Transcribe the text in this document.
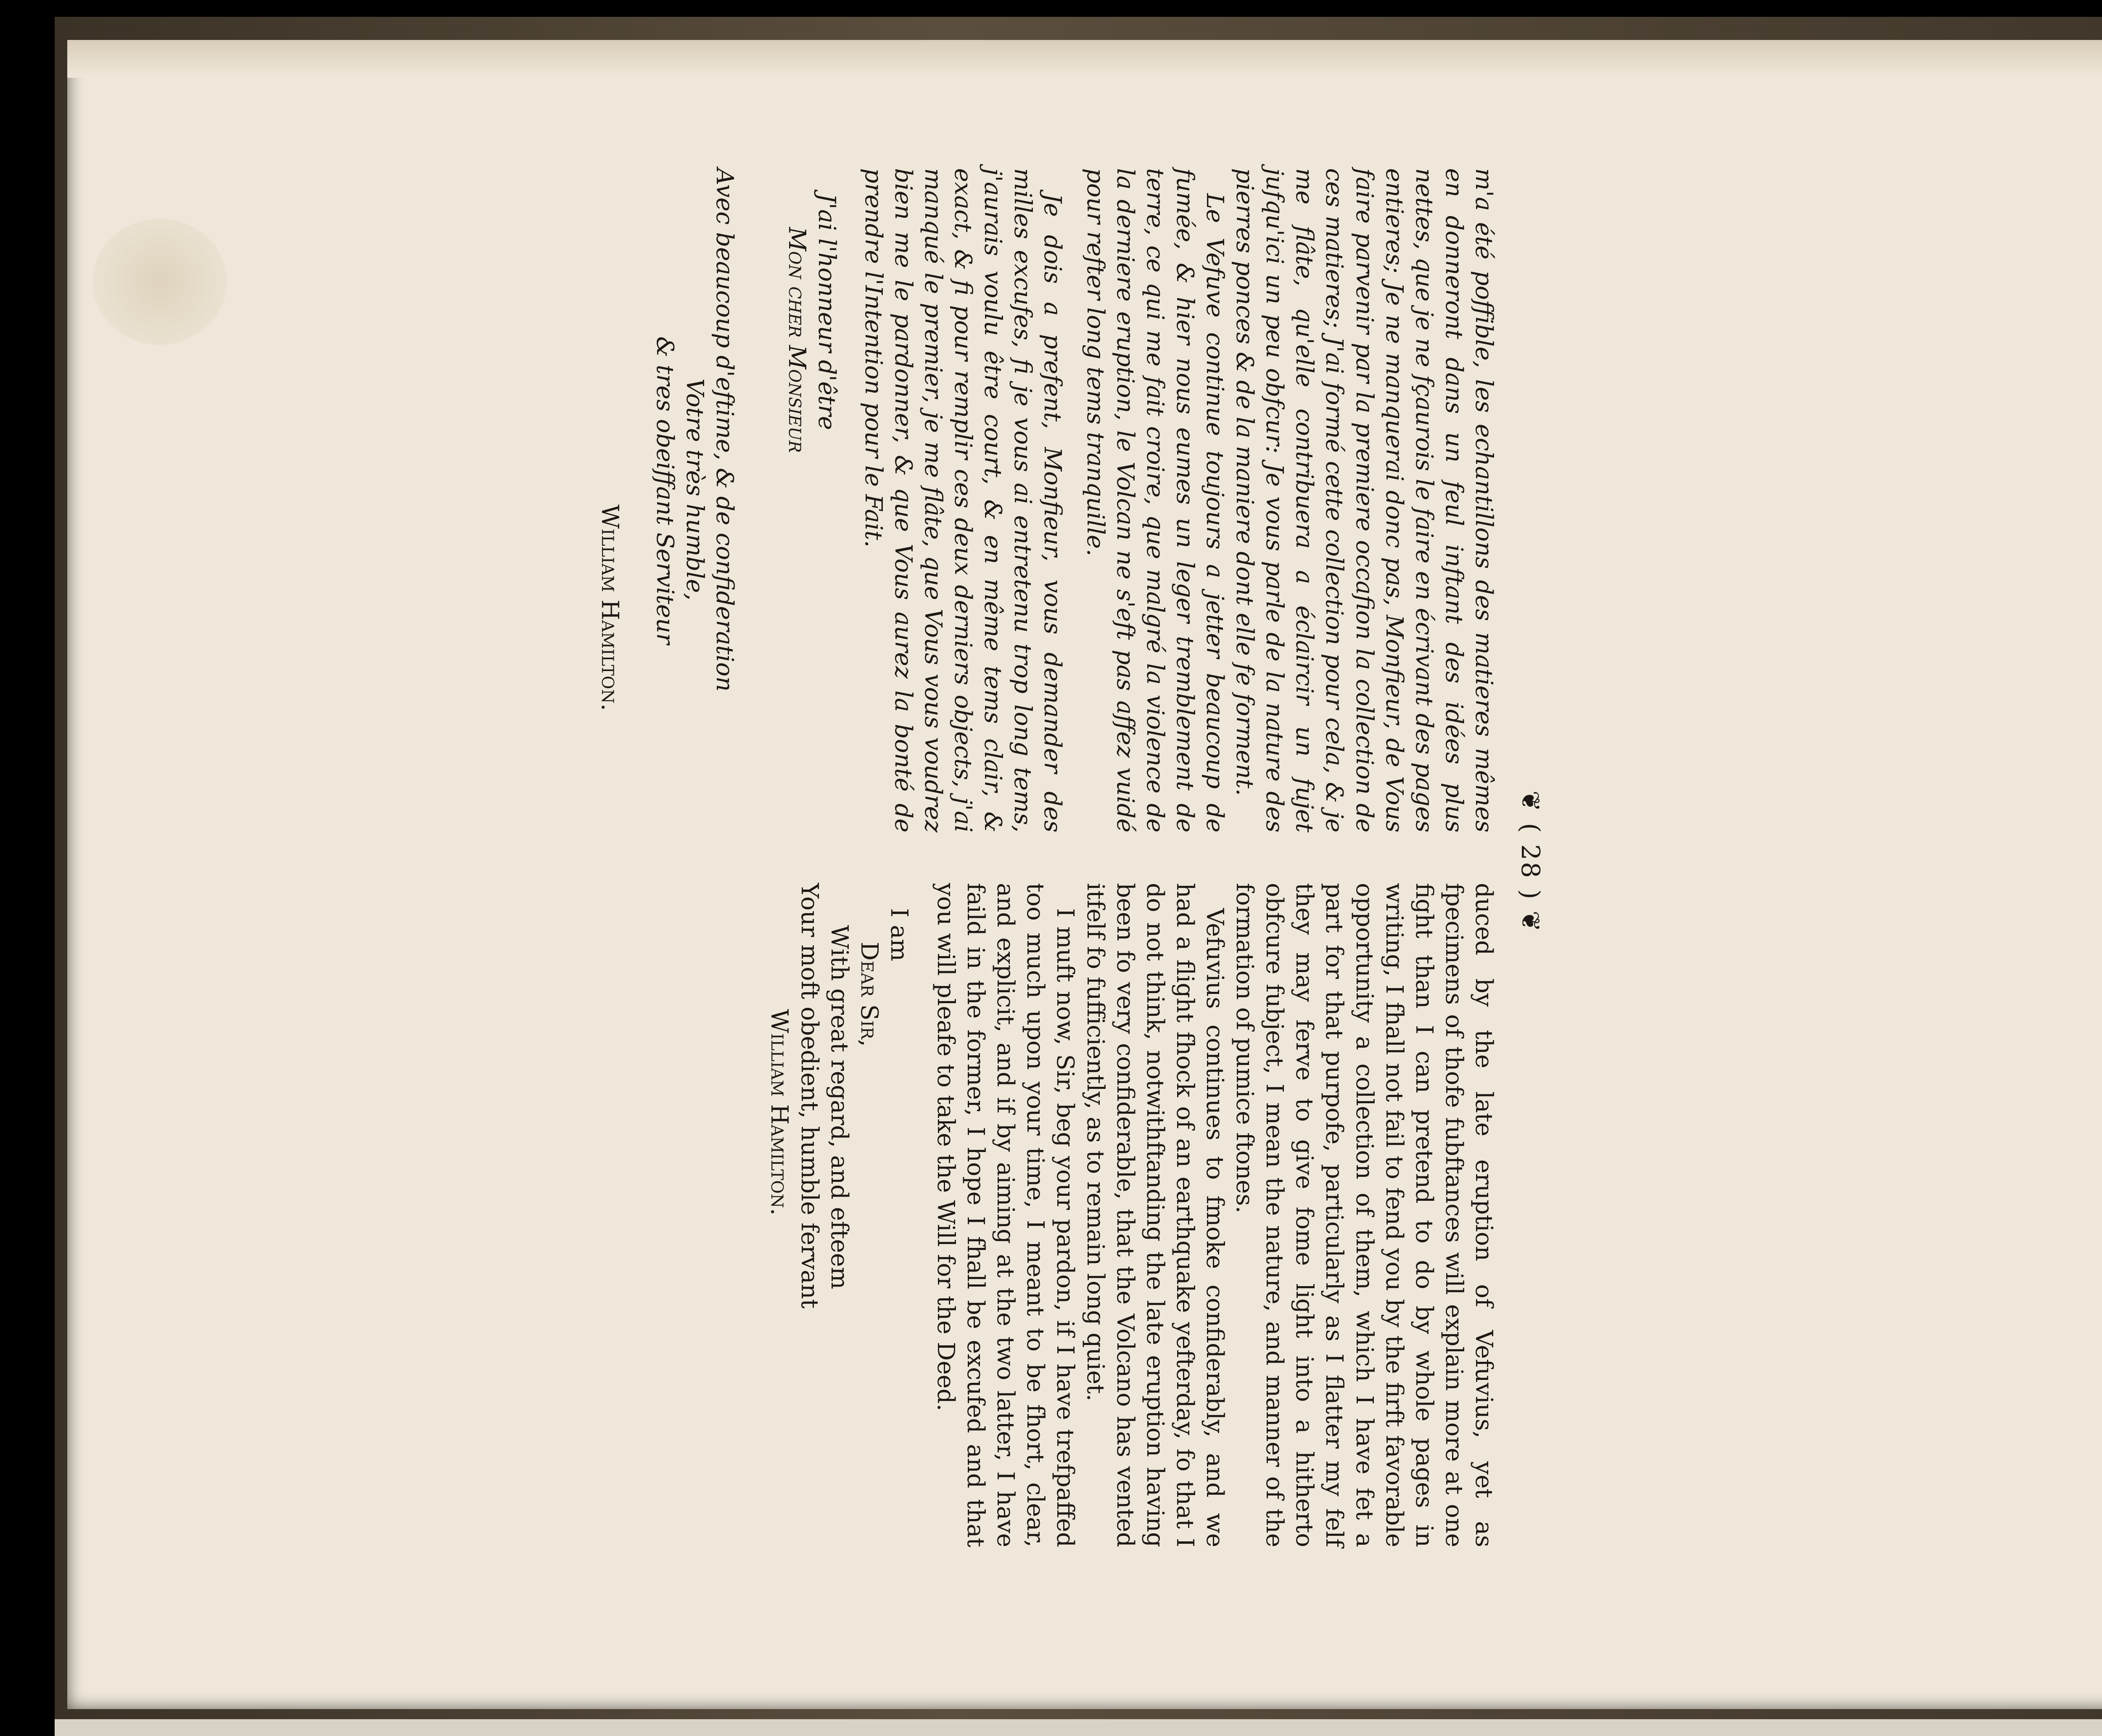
❦ ( 28 ) ❦

m'a été poffible, les echantillons des matieres mêmes en donneront dans un feul inftant des idées plus nettes, que je ne fçaurois le faire en écrivant des pages entieres; Je ne manquerai donc pas, Monfieur, de Vous faire parvenir par la premiere occafion la collection de ces matieres; J'ai formé cette collection pour cela, & je me flâte, qu'elle contribuera a éclaircir un fujet jufqu'ici un peu obfcur: Je vous parle de la nature des pierres ponces & de la maniere dont elle fe forment.

Le Vefuve continue toujours a jetter beaucoup de fumée, & hier nous eumes un leger tremblement de terre, ce qui me fait croire, que malgré la violence de la derniere eruption, le Volcan ne s'eft pas affez vuidé pour refter long tems tranquille.

Je dois a prefent, Monfieur, vous demander des milles excufes, fi je vous ai entretenu trop long tems, j'aurais voulu être court, & en même tems clair, & exact, & fi pour remplir ces deux derniers objects, j'ai manqué le premier, je me flâte, que Vous vous voudrez bien me le pardonner, & que Vous aurez la bonté de prendre l'Intention pour le Fait.

J'ai l'honneur d'être
Mon cher Monsieur
Avec beaucoup d'eftime, & de confideration
Votre très humble,
& tres obeiffant Serviteur
William Hamilton.

duced by the late eruption of Vefuvius, yet as fpecimens of thofe fubftances will explain more at one fight than I can pretend to do by whole pages in writing, I fhall not fail to fend you by the firft favorable opportunity a collection of them, which I have fet a part for that purpofe, particularly as I flatter my felf they may ferve to give fome light into a hitherto obfcure fubject, I mean the nature, and manner of the formation of pumice ftones.

Vefuvius continues to fmoke confiderably, and we had a flight fhock of an earthquake yefterday, fo that I do not think, notwithftanding the late eruption having been fo very confiderable, that the Volcano has vented itfelf fo fufficiently, as to remain long quiet.

I muft now, Sir, beg your pardon, if I have trefpaffed too much upon your time, I meant to be fhort, clear, and explicit, and if by aiming at the two latter, I have faild in the former, I hope I fhall be excufed and that you will pleafe to take the Will for the Deed.

I am
Dear Sir,
With great regard, and efteem
Your moft obedient, humble fervant
William Hamilton.
